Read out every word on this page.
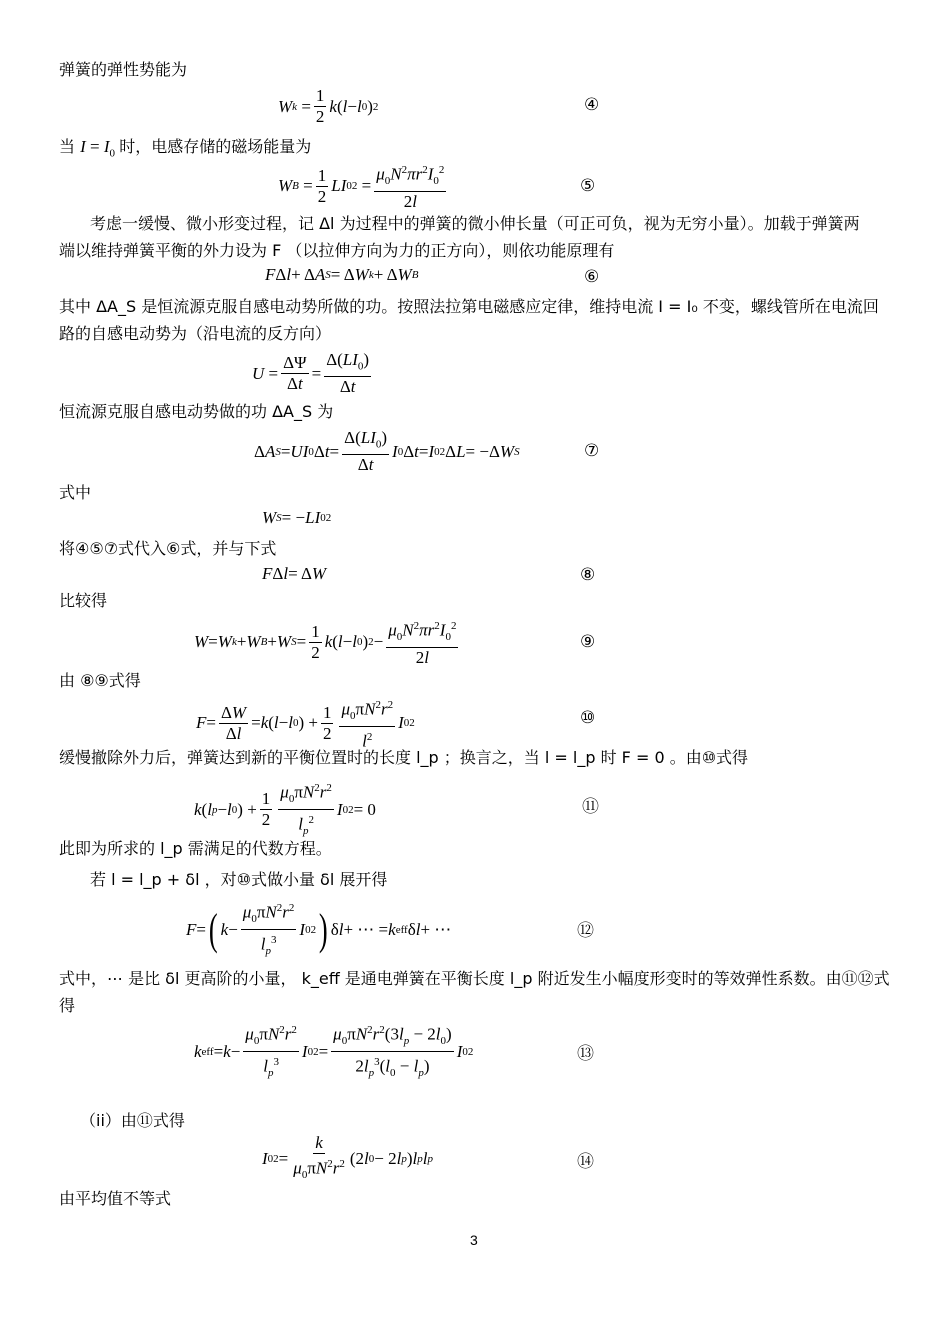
弹簧的弹性势能为
当 $I = I_0$ 时，电感存储的磁场能量为
考虑一缓慢、微小形变过程，记 Δl 为过程中的弹簧的微小伸长量（可正可负，视为无穷小量）。加载于弹簧两
端以维持弹簧平衡的外力设为 F （以拉伸方向为力的正方向），则依功能原理有
其中 ΔA_S 是恒流源克服自感电动势所做的功。按照法拉第电磁感应定律，维持电流 I = I₀ 不变，螺线管所在电流回
路的自感电动势为（沿电流的反方向）
恒流源克服自感电动势做的功 ΔA_S 为
式中
将④⑤⑦式代入⑥式，并与下式
比较得
由 ⑧⑨式得
缓慢撤除外力后，弹簧达到新的平衡位置时的长度 l_p ；换言之，当 l = l_p 时 F = 0 。由⑩式得
此即为所求的 l_p 需满足的代数方程。
若 l = l_p + δl ，对⑩式做小量 δl 展开得
式中，⋯ 是比 δl 更高阶的小量， k_eff 是通电弹簧在平衡长度 l_p 附近发生小幅度形变时的等效弹性系数。由⑪⑫式
得
（ii）由⑪式得
由平均值不等式
W $k = \frac{1}{2}$ k ( l − l 0 ) 2	④
W $B = \frac{1}{2}$ LI 0 $2 = \frac{\mu_0N^2\pi r^2I_0^2}{2l}$	⑤
F Δ l + Δ A S = Δ W k + Δ W B	⑥
$U = \frac{\Delta\Psi}{\Delta t} = \frac{\Delta(LI_0)}{\Delta t}$
Δ A S = UI 0 Δ $t = \frac{\Delta(LI_0)}{\Delta t}$ I 0 Δ t = I 0 2 Δ L = −Δ W S	⑦
W S = − LI 0 2
F Δ l = Δ W	⑧
W = W k + W B + W $S = \frac{1}{2}$ k ( l − l 0 ) $2 - \frac{\mu_0N^2\pi r^2I_0^2}{2l}$	⑨
$F = \frac{\Delta W}{\Delta l} = k$ ( l − l 0 ) + $\frac{1}{2} \frac{\mu_0\pi N^2r^2}{l^2}$ I 0 2	⑩
k ( l p − l 0 ) + $\frac{1}{2} \frac{\mu_0\pi N^2r^2}{l_p^2}$ I 0 2 = 0	⑪
F = ( $k - \frac{\mu_0\pi N^2r^2}{l_p^3}$ I 0 2 ) δ l + ⋯ = k eff δ l + ⋯	⑫
k eff = $k - \frac{\mu_0\pi N^2r^2}{l_p^3}$ I 0 $2 = \frac{\mu_0\pi N^2r^2(3l_p - 2l_0)}{2l_p^3(l_0 - l_p)}$ I 0 2	⑬
I 0 $2 = \frac{k}{\mu_0\pi N^2r^2} (2$ l 0 − 2 l p ) l p l p	⑭
3
